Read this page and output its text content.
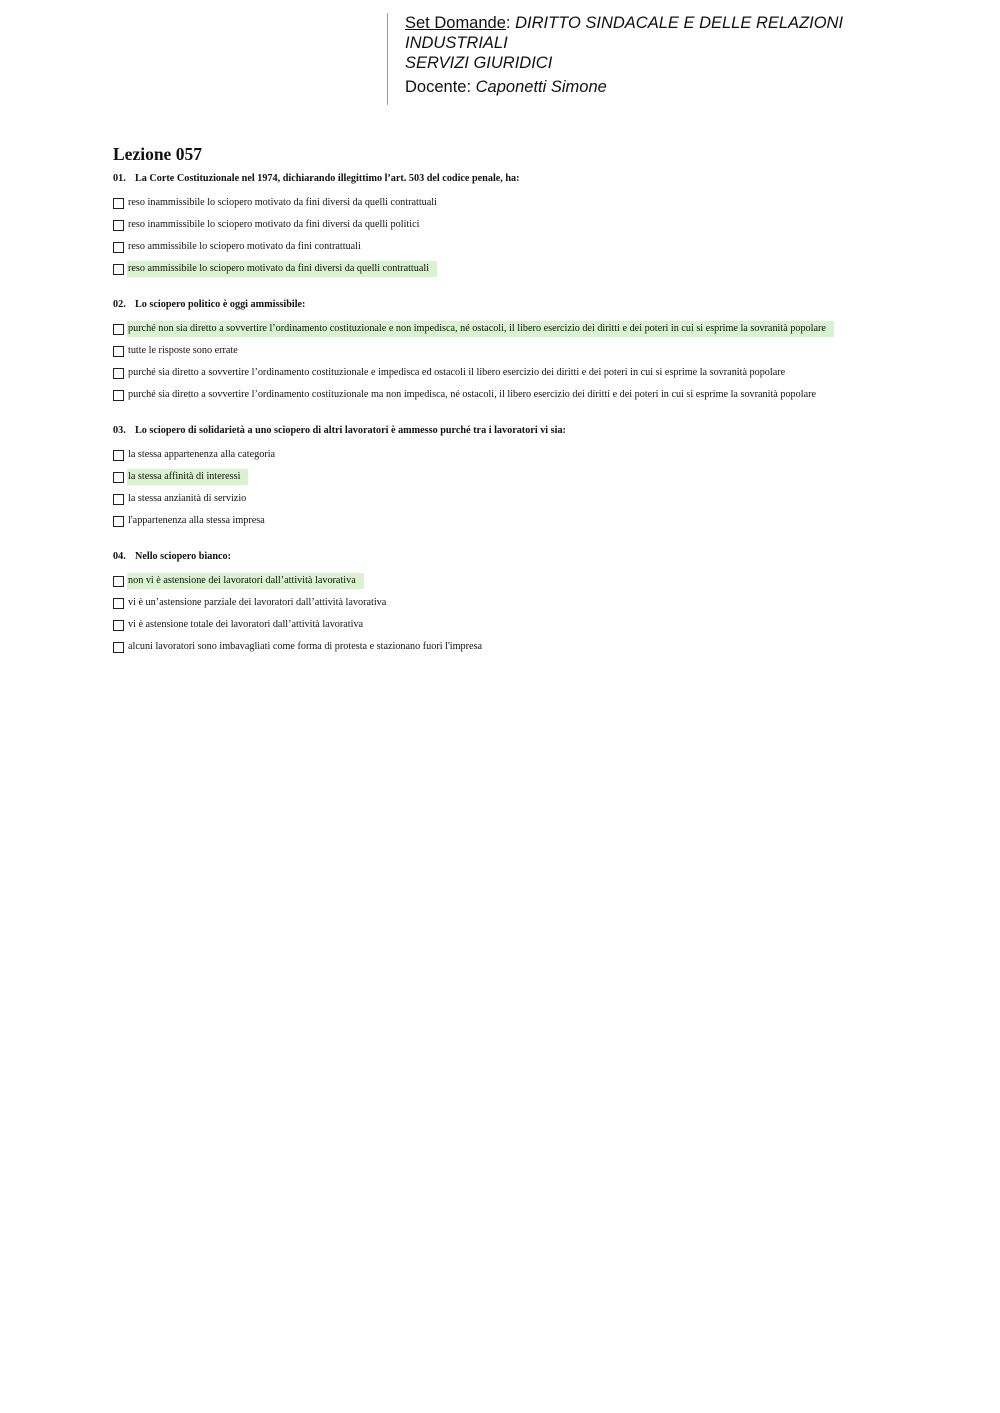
Set Domande: DIRITTO SINDACALE E DELLE RELAZIONI
INDUSTRIALI
SERVIZI GIURIDICI
Docente: Caponetti Simone
Lezione 057
01. La Corte Costituzionale nel 1974, dichiarando illegittimo l’art. 503 del codice penale, ha:
reso inammissibile lo sciopero motivato da fini diversi da quelli contrattuali
reso inammissibile lo sciopero motivato da fini diversi da quelli politici
reso ammissibile lo sciopero motivato da fini contrattuali
reso ammissibile lo sciopero motivato da fini diversi da quelli contrattuali
02. Lo sciopero politico è oggi ammissibile:
purché non sia diretto a sovvertire l’ordinamento costituzionale e non impedisca, né ostacoli, il libero esercizio dei diritti e dei poteri in cui si esprime la sovranità popolare
tutte le risposte sono errate
purché sia diretto a sovvertire l’ordinamento costituzionale e impedisca ed ostacoli il libero esercizio dei diritti e dei poteri in cui si esprime la sovranità popolare
purché sia diretto a sovvertire l’ordinamento costituzionale ma non impedisca, né ostacoli, il libero esercizio dei diritti e dei poteri in cui si esprime la sovranità popolare
03. Lo sciopero di solidarietà a uno sciopero di altri lavoratori è ammesso purché tra i lavoratori vi sia:
la stessa appartenenza alla categoria
la stessa affinità di interessi
la stessa anzianità di servizio
l'appartenenza alla stessa impresa
04. Nello sciopero bianco:
non vi è astensione dei lavoratori dall’attività lavorativa
vi è un’astensione parziale dei lavoratori dall’attività lavorativa
vi è astensione totale dei lavoratori dall’attività lavorativa
alcuni lavoratori sono imbavagliati come forma di protesta e stazionano fuori l'impresa
